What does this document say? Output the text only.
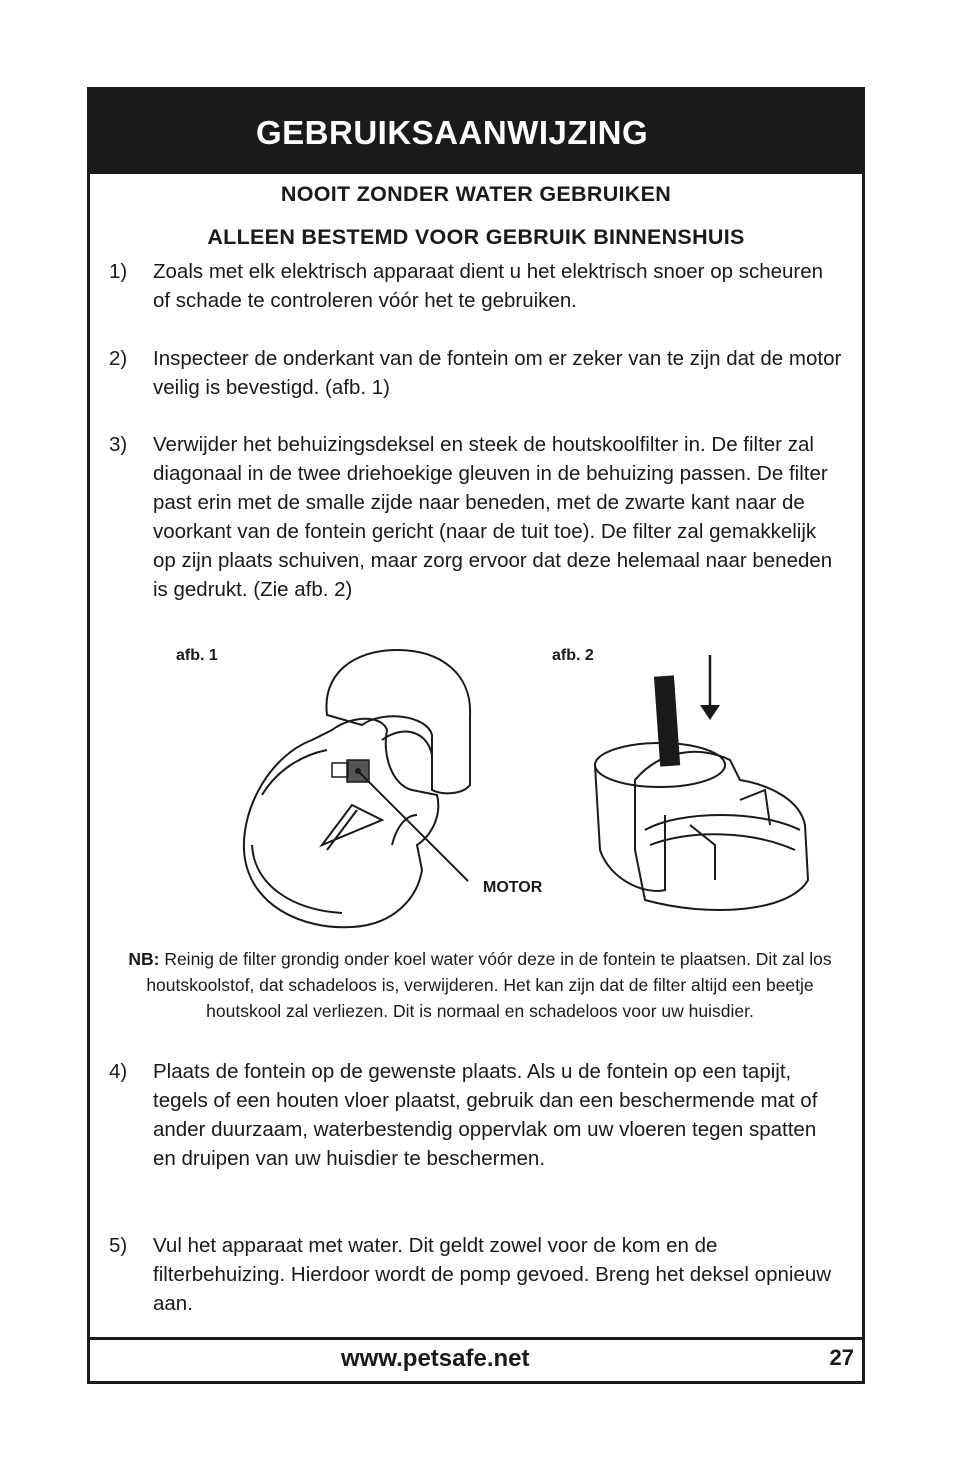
GEBRUIKSAANWIJZING
NOOIT ZONDER WATER GEBRUIKEN
ALLEEN BESTEMD VOOR GEBRUIK BINNENSHUIS
1) Zoals met elk elektrisch apparaat dient u het elektrisch snoer op scheuren of schade te controleren vóór het te gebruiken.
2) Inspecteer de onderkant van de fontein om er zeker van te zijn dat de motor veilig is bevestigd. (afb. 1)
3) Verwijder het behuizingsdeksel en steek de houtskoolfilter in. De filter zal diagonaal in de twee driehoekige gleuven in de behuizing passen. De filter past erin met de smalle zijde naar beneden, met de zwarte kant naar de voorkant van de fontein gericht (naar de tuit toe). De filter zal gemakkelijk op zijn plaats schuiven, maar zorg ervoor dat deze helemaal naar beneden is gedrukt. (Zie afb. 2)
afb. 1	afb. 2
MOTOR
NB: Reinig de filter grondig onder koel water vóór deze in de fontein te plaatsen. Dit zal los houtskoolstof, dat schadeloos is, verwijderen. Het kan zijn dat de filter altijd een beetje houtskool zal verliezen. Dit is normaal en schadeloos voor uw huisdier.
4) Plaats de fontein op de gewenste plaats. Als u de fontein op een tapijt, tegels of een houten vloer plaatst, gebruik dan een beschermende mat of ander duurzaam, waterbestendig oppervlak om uw vloeren tegen spatten en druipen van uw huisdier te beschermen.
5) Vul het apparaat met water. Dit geldt zowel voor de kom en de filterbehuizing. Hierdoor wordt de pomp gevoed. Breng het deksel opnieuw aan.
www.petsafe.net	27
